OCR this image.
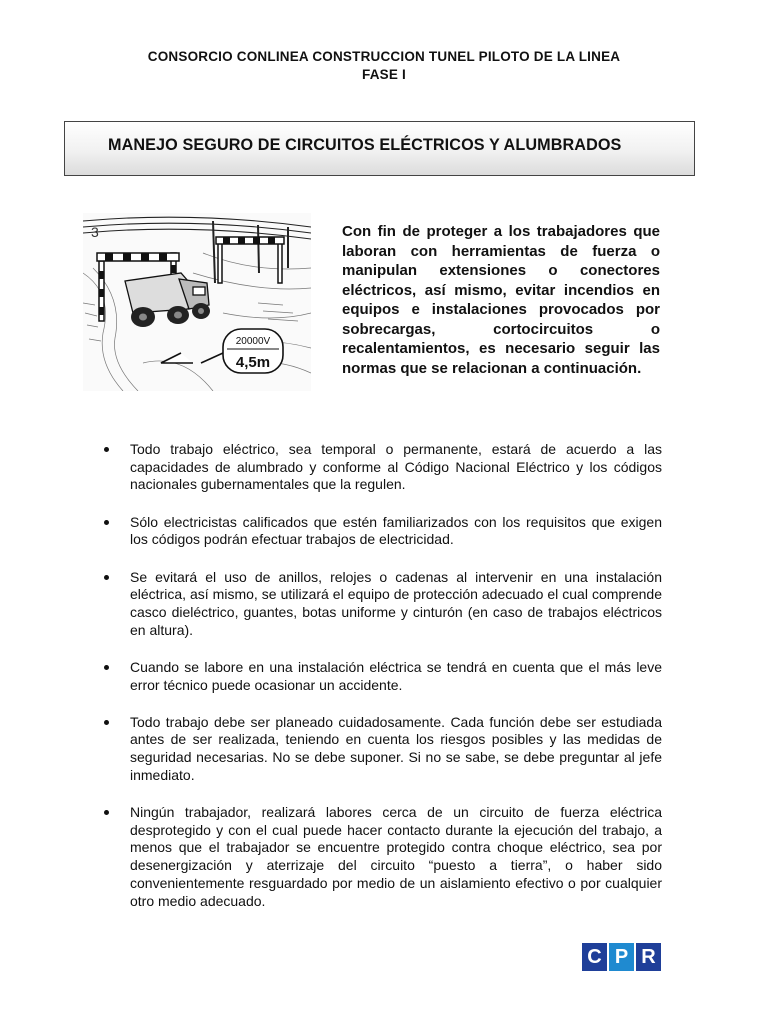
CONSORCIO CONLINEA CONSTRUCCION TUNEL PILOTO DE LA LINEA
FASE I
MANEJO SEGURO DE CIRCUITOS ELÉCTRICOS Y ALUMBRADOS
20000V
4,5m
3	Con fin de proteger a los trabajadores que laboran con herramientas de fuerza o manipulan extensiones o conectores eléctricos, así mismo, evitar incendios en equipos e instalaciones provocados por sobrecargas, cortocircuitos o recalentamientos, es necesario seguir las normas que se relacionan a continuación.
Todo trabajo eléctrico, sea temporal o permanente, estará de acuerdo a las capacidades de alumbrado y conforme al Código Nacional Eléctrico y los códigos nacionales gubernamentales que la regulen.
Sólo electricistas calificados que estén familiarizados con los requisitos que exigen los códigos podrán efectuar trabajos de electricidad.
Se evitará el uso de anillos, relojes o cadenas al intervenir en una instalación eléctrica, así mismo, se utilizará el equipo de protección adecuado el cual comprende casco dieléctrico, guantes, botas uniforme y cinturón (en caso de trabajos eléctricos en altura).
Cuando se labore en una instalación eléctrica se tendrá en cuenta que el más leve error técnico puede ocasionar un accidente.
Todo trabajo debe ser planeado cuidadosamente. Cada función debe ser estudiada antes de ser realizada, teniendo en cuenta los riesgos posibles y las medidas de seguridad necesarias. No se debe suponer. Si no se sabe, se debe preguntar al jefe inmediato.
Ningún trabajador, realizará labores cerca de un circuito de fuerza eléctrica desprotegido y con el cual puede hacer contacto durante la ejecución del trabajo, a menos que el trabajador se encuentre protegido contra choque eléctrico, sea por desenergización y aterrizaje del circuito “puesto a tierra”, o haber sido convenientemente resguardado por medio de un aislamiento efectivo o por cualquier otro medio adecuado.
C P R
